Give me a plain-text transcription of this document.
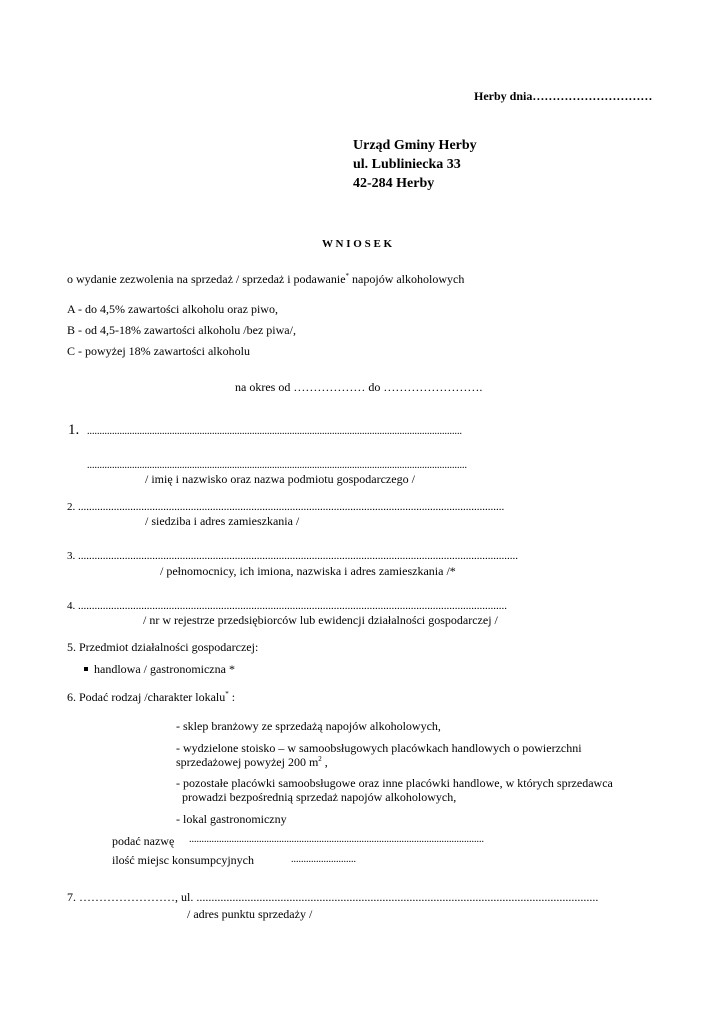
Herby dnia…………………………
Urząd Gminy Herby
ul. Lubliniecka 33
42-284 Herby
W N I O S E K
o wydanie zezwolenia na sprzedaż / sprzedaż i podawanie* napojów alkoholowych
A - do 4,5% zawartości alkoholu oraz piwo,
B - od 4,5-18% zawartości alkoholu /bez piwa/,
C - powyżej 18% zawartości alkoholu
na okres od ……………… do …………………….
1. ......................................................................................................................................................
........................................................................................................................................................
/ imię i nazwisko oraz nazwa podmiotu gospodarczego /
2. ...........................................................................................................................................................
/ siedziba i adres zamieszkania /
3. ................................................................................................................................................................
/ pełnomocnicy, ich imiona, nazwiska i adres zamieszkania /*
4. ............................................................................................................................................................
/ nr w rejestrze przedsiębiorców lub ewidencji działalności gospodarczej /
5. Przedmiot działalności gospodarczej:
handlowa / gastronomiczna *
6. Podać rodzaj /charakter lokalu* :
- sklep branżowy ze sprzedażą napojów alkoholowych,
- wydzielone stoisko – w samoobsługowych placówkach handlowych o powierzchni
sprzedażowej powyżej 200 $m^2$ ,
- pozostałe placówki samoobsługowe oraz inne placówki handlowe, w których sprzedawca
prowadzi bezpośrednią sprzedaż napojów alkoholowych,
- lokal gastronomiczny
podać nazwę ......................................................................................................................
ilość miejsc konsumpcyjnych	..........................
7. ……………………, ul. ......................................................................................................................................
/ adres punktu sprzedaży /
